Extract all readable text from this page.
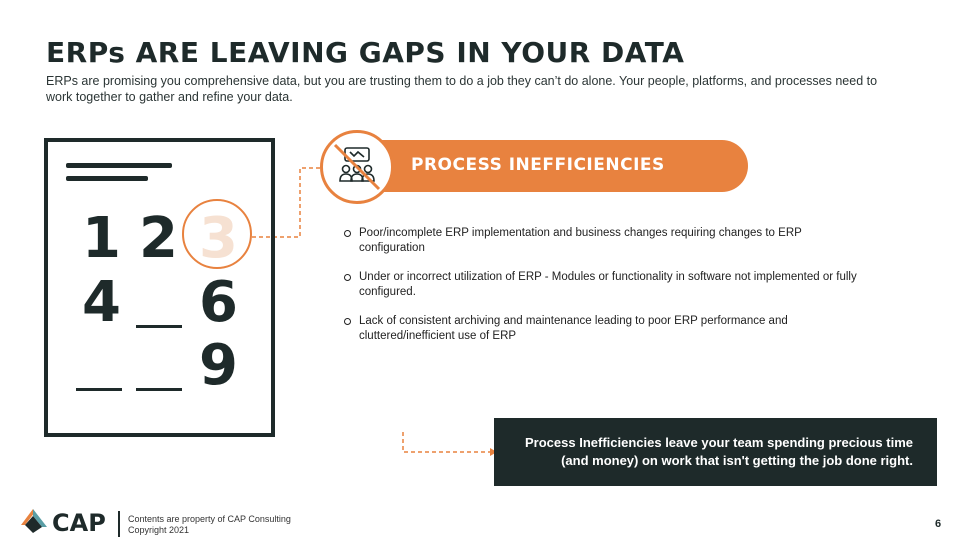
ERPs ARE LEAVING GAPS IN YOUR DATA
ERPs are promising you comprehensive data, but you are trusting them to do a job they can’t do alone. Your people, platforms, and processes need to work together to gather and refine your data.
1 2 3
4 6
9
PROCESS INEFFICIENCIES
Poor/incomplete ERP implementation and business changes requiring changes to ERP configuration
Under or incorrect utilization of ERP - Modules or functionality in software not implemented or fully configured.
Lack of consistent archiving and maintenance leading to poor ERP performance and cluttered/inefficient use of ERP
Process Inefficiencies leave your team spending precious time
(and money) on work that isn't getting the job done right.
CAP Contents are property of CAP Consulting
Copyright 2021	6
